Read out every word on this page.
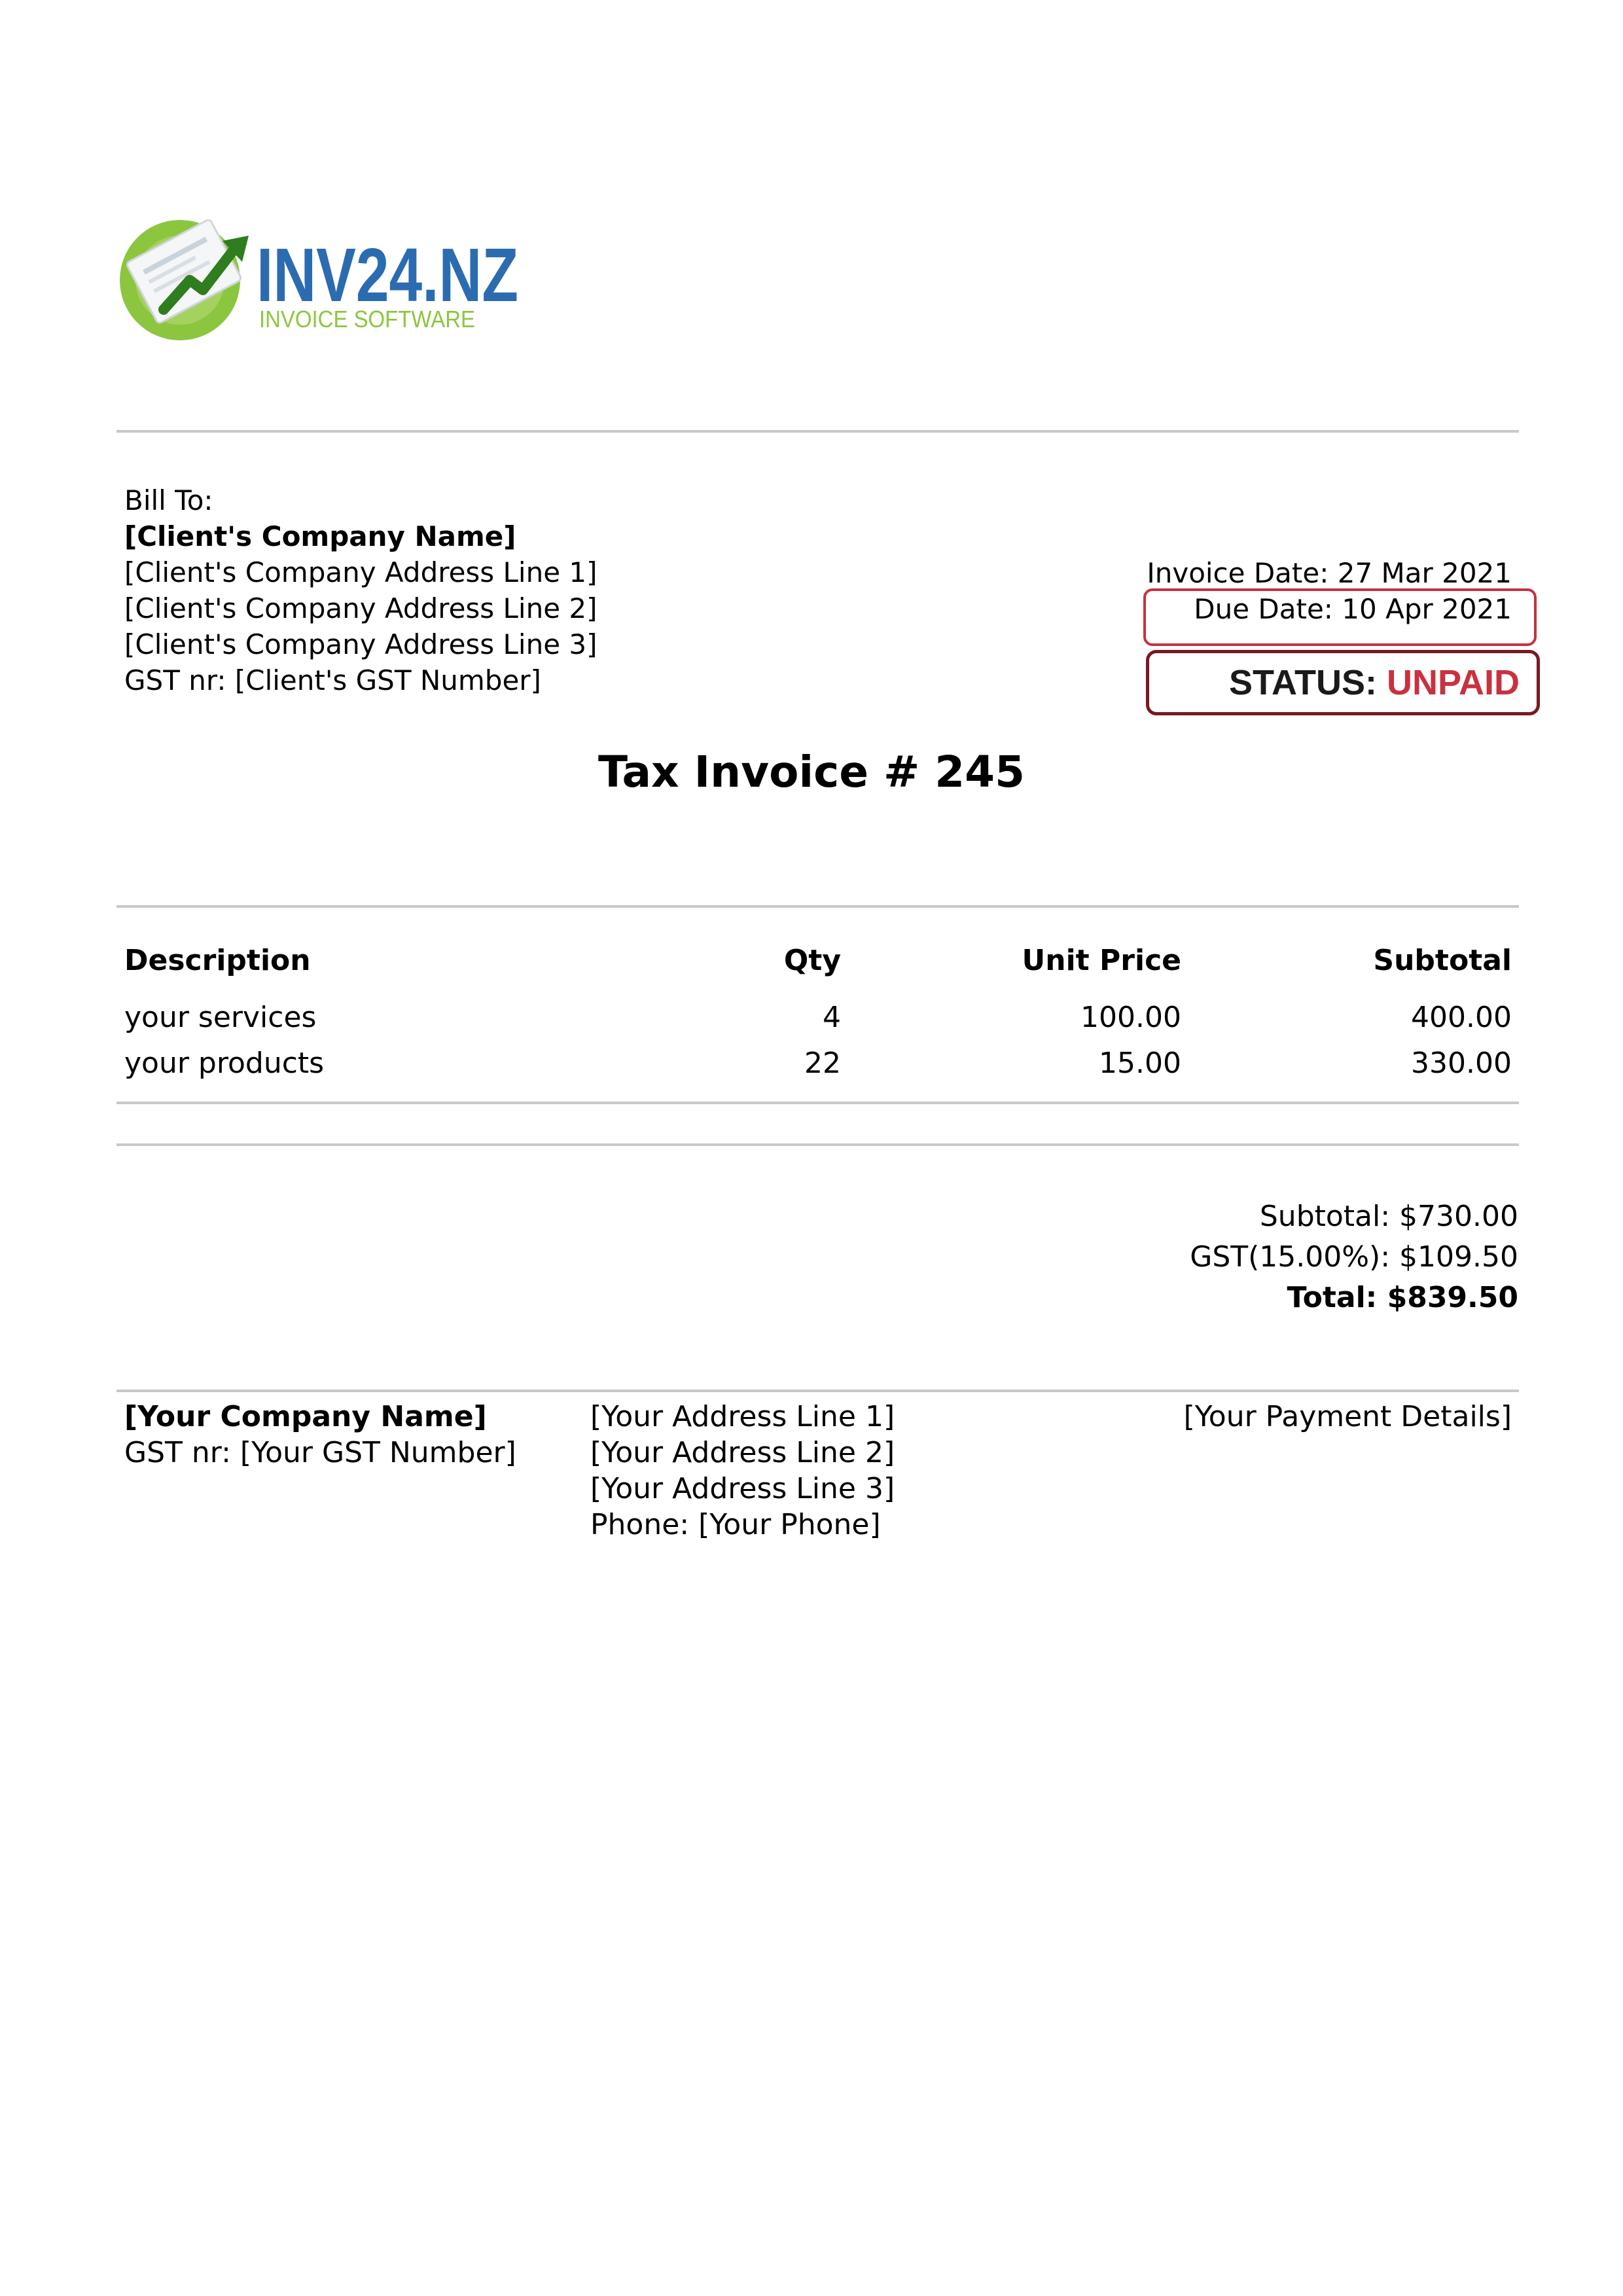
INV24.NZ
INVOICE SOFTWARE
Bill To:
[Client's Company Name]
[Client's Company Address Line 1]
[Client's Company Address Line 2]
[Client's Company Address Line 3]
GST nr: [Client's GST Number]
Invoice Date: 27 Mar 2021
Due Date: 10 Apr 2021
STATUS: UNPAID
Tax Invoice # 245
Description	Qty	Unit Price	Subtotal
your services	4	100.00	400.00
your products	22	15.00	330.00
Subtotal: $730.00
GST(15.00%): $109.50
Total: $839.50
[Your Company Name]
GST nr: [Your GST Number]
[Your Address Line 1]
[Your Address Line 2]
[Your Address Line 3]
Phone: [Your Phone]
[Your Payment Details]
